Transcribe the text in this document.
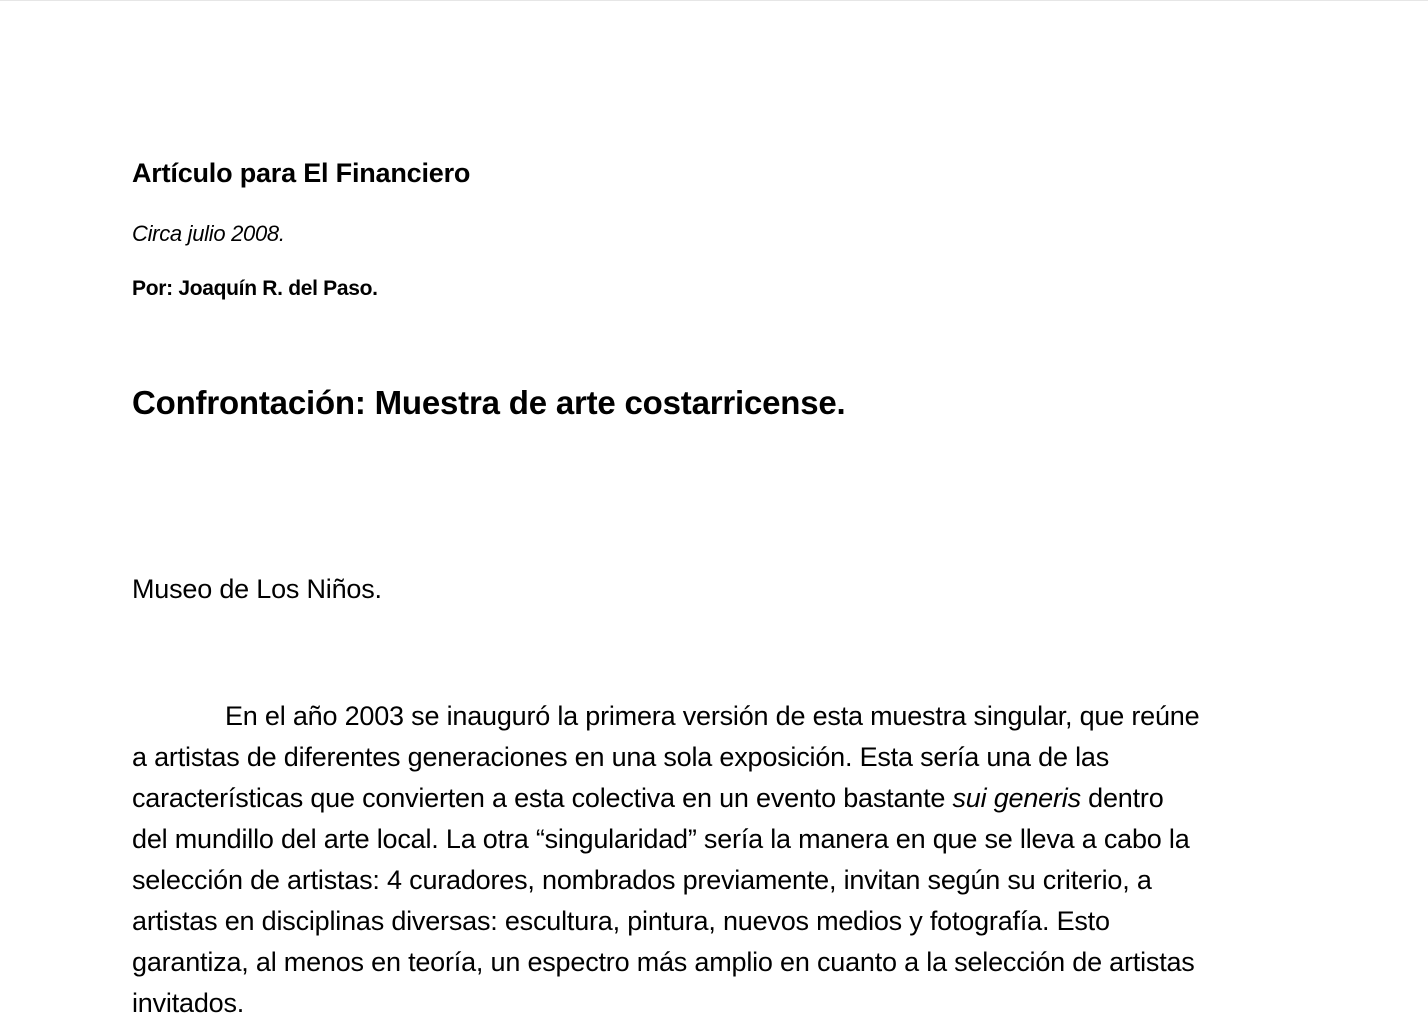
Artículo para El Financiero
Circa julio 2008.
Por: Joaquín R. del Paso.
Confrontación: Muestra de arte costarricense.
Museo de Los Niños.
En el año 2003 se inauguró la primera versión de esta muestra singular, que reúne
a artistas de diferentes generaciones en una sola exposición. Esta sería una de las
características que convierten a esta colectiva en un evento bastante sui generis dentro
del mundillo del arte local. La otra “singularidad” sería la manera en que se lleva a cabo la
selección de artistas: 4 curadores, nombrados previamente, invitan según su criterio, a
artistas en disciplinas diversas: escultura, pintura, nuevos medios y fotografía. Esto
garantiza, al menos en teoría, un espectro más amplio en cuanto a la selección de artistas
invitados.
